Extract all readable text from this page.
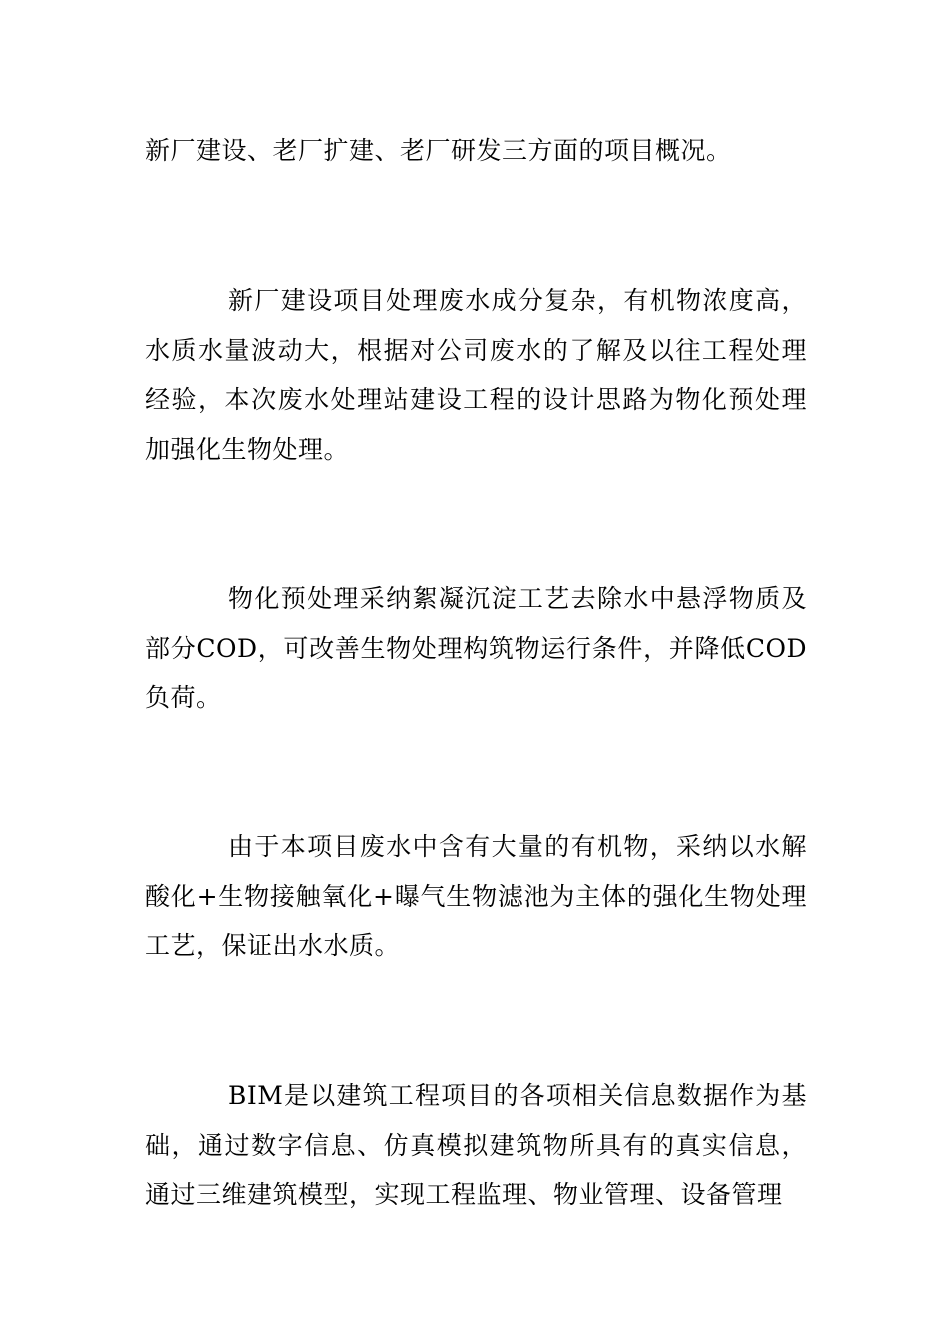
新厂建设、老厂扩建、老厂研发三方面的项目概况。

新厂建设项目处理废水成分复杂，有机物浓度高，水质水量波动大，根据对公司废水的了解及以往工程处理经验，本次废水处理站建设工程的设计思路为物化预处理加强化生物处理。

物化预处理采纳絮凝沉淀工艺去除水中悬浮物质及部分COD，可改善生物处理构筑物运行条件，并降低COD负荷。

由于本项目废水中含有大量的有机物，采纳以水解酸化+生物接触氧化+曝气生物滤池为主体的强化生物处理工艺，保证出水水质。

BIM是以建筑工程项目的各项相关信息数据作为基础，通过数字信息、仿真模拟建筑物所具有的真实信息，通过三维建筑模型，实现工程监理、物业管理、设备管理
